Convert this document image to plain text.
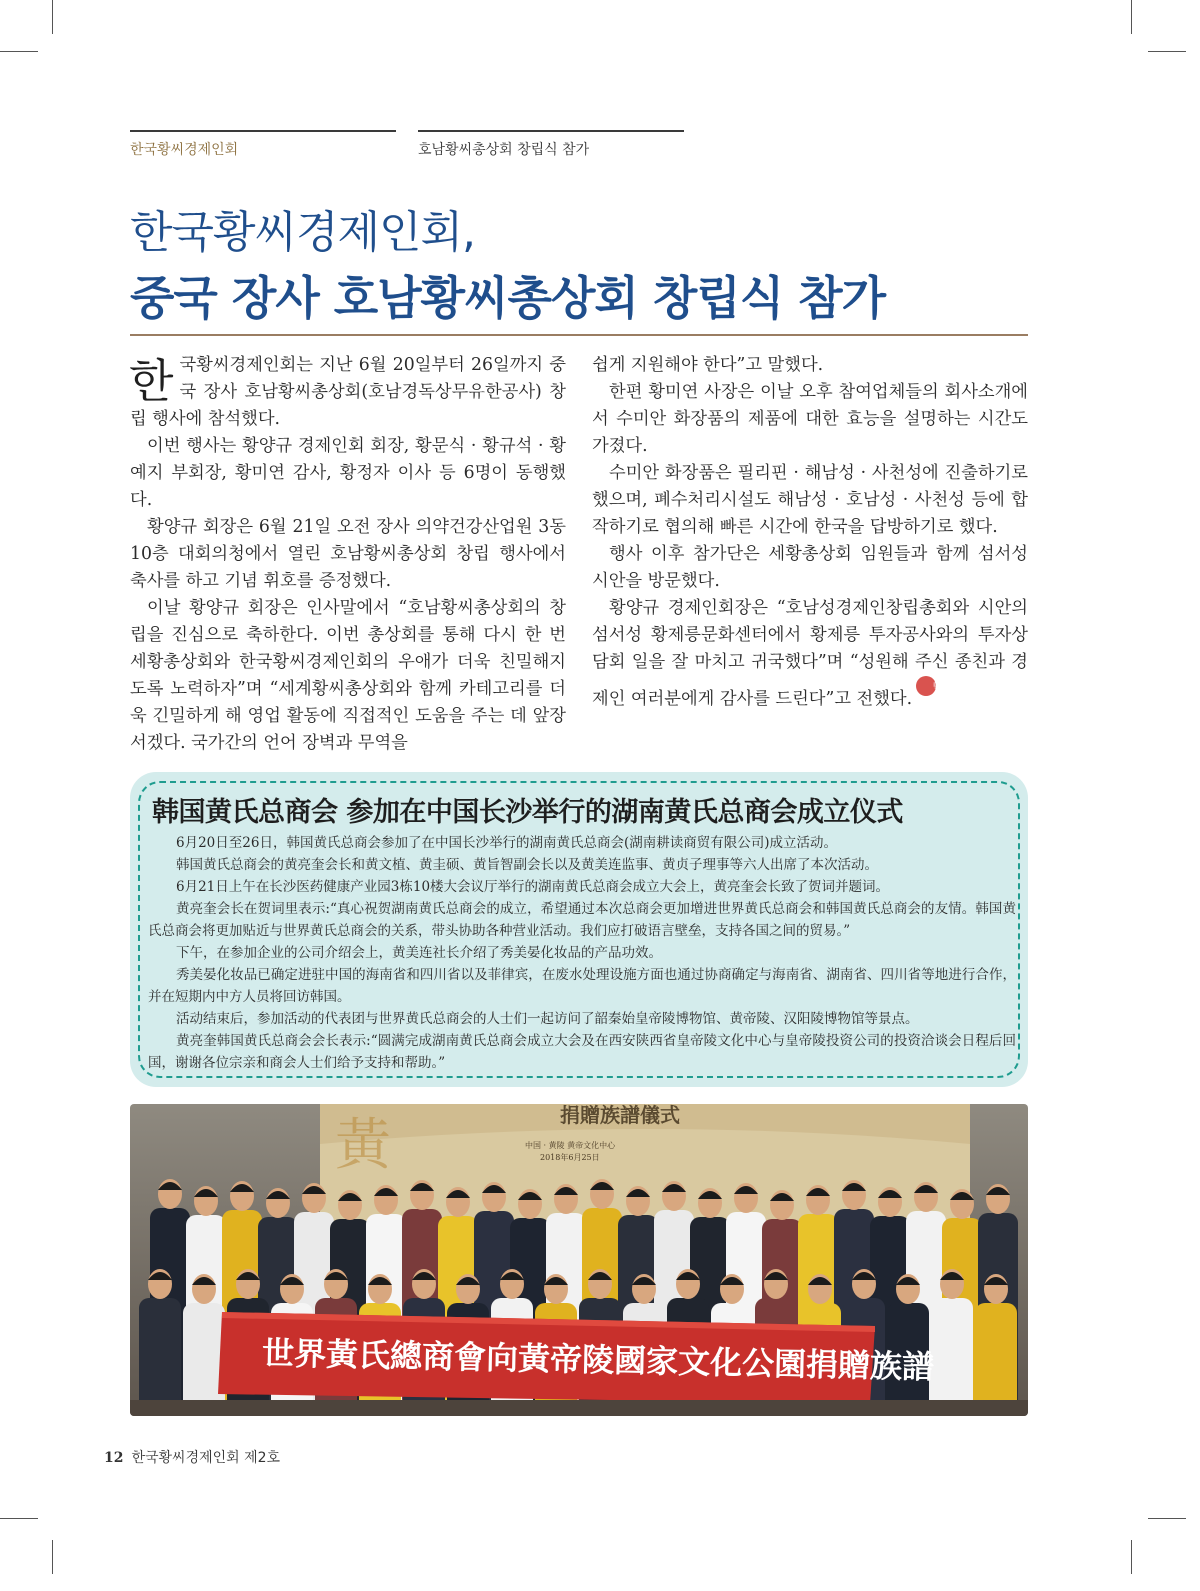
한국황씨경제인회	호남황씨총상회 창립식 참가
한국황씨경제인회,
중국 장사 호남황씨총상회 창립식 참가

한국황씨경제인회는 지난 6월 20일부터 26일까지 중국 장사 호남황씨총상회(호남경독상무유한공사) 창립 행사에 참석했다.

이번 행사는 황양규 경제인회 회장, 황문식 · 황규석 · 황예지 부회장, 황미연 감사, 황정자 이사 등 6명이 동행했다.

황양규 회장은 6월 21일 오전 장사 의약건강산업원 3동 10층 대회의청에서 열린 호남황씨총상회 창립 행사에서 축사를 하고 기념 휘호를 증정했다.

이날 황양규 회장은 인사말에서 “호남황씨총상회의 창립을 진심으로 축하한다. 이번 총상회를 통해 다시 한 번 세황총상회와 한국황씨경제인회의 우애가 더욱 친밀해지도록 노력하자”며 “세계황씨총상회와 함께 카테고리를 더욱 긴밀하게 해 영업 활동에 직접적인 도움을 주는 데 앞장서겠다. 국가간의 언어 장벽과 무역을

쉽게 지원해야 한다”고 말했다.

한편 황미연 사장은 이날 오후 참여업체들의 회사소개에서 수미안 화장품의 제품에 대한 효능을 설명하는 시간도 가졌다.

수미안 화장품은 필리핀 · 해남성 · 사천성에 진출하기로 했으며, 폐수처리시설도 해남성 · 호남성 · 사천성 등에 합작하기로 협의해 빠른 시간에 한국을 답방하기로 했다.

행사 이후 참가단은 세황총상회 임원들과 함께 섬서성 시안을 방문했다.

황양규 경제인회장은 “호남성경제인창립총회와 시안의 섬서성 황제릉문화센터에서 황제릉 투자공사와의 투자상담회 일을 잘 마치고 귀국했다”며 “성원해 주신 종친과 경제인 여러분에게 감사를 드린다”고 전했다.韓黃

韩国黄氏总商会 参加在中国长沙举行的湖南黄氏总商会成立仪式

6月20日至26日，韩国黄氏总商会参加了在中国长沙举行的湖南黄氏总商会(湖南耕读商贸有限公司)成立活动。

韩国黄氏总商会的黄亮奎会长和黄文植、黄圭硕、黄旨智副会长以及黄美连监事、黄贞子理事等六人出席了本次活动。

6月21日上午在长沙医药健康产业园3栋10楼大会议厅举行的湖南黄氏总商会成立大会上，黄亮奎会长致了贺词并题词。

黄亮奎会长在贺词里表示:“真心祝贺湖南黄氏总商会的成立，希望通过本次总商会更加增进世界黄氏总商会和韩国黄氏总商会的友情。韩国黄氏总商会将更加贴近与世界黄氏总商会的关系，带头协助各种营业活动。我们应打破语言壁垒，支持各国之间的贸易。”

下午，在参加企业的公司介绍会上，黄美连社长介绍了秀美晏化妆品的产品功效。

秀美晏化妆品已确定进驻中国的海南省和四川省以及菲律宾，在废水处理设施方面也通过协商确定与海南省、湖南省、四川省等地进行合作，并在短期内中方人员将回访韩国。

活动结束后，参加活动的代表团与世界黄氏总商会的人士们一起访问了韶秦始皇帝陵博物馆、黄帝陵、汉阳陵博物馆等景点。

黄亮奎韩国黄氏总商会会长表示:“圆满完成湖南黄氏总商会成立大会及在西安陕西省皇帝陵文化中心与皇帝陵投资公司的投资洽谈会日程后回国，谢谢各位宗亲和商会人士们给予支持和帮助。”

捐贈族譜儀式
中国 · 黄陵 黄帝文化中心
2018年6月25日
黃
世界黃氏總商會向黃帝陵國家文化公園捐贈族譜
12 한국황씨경제인회 제2호
